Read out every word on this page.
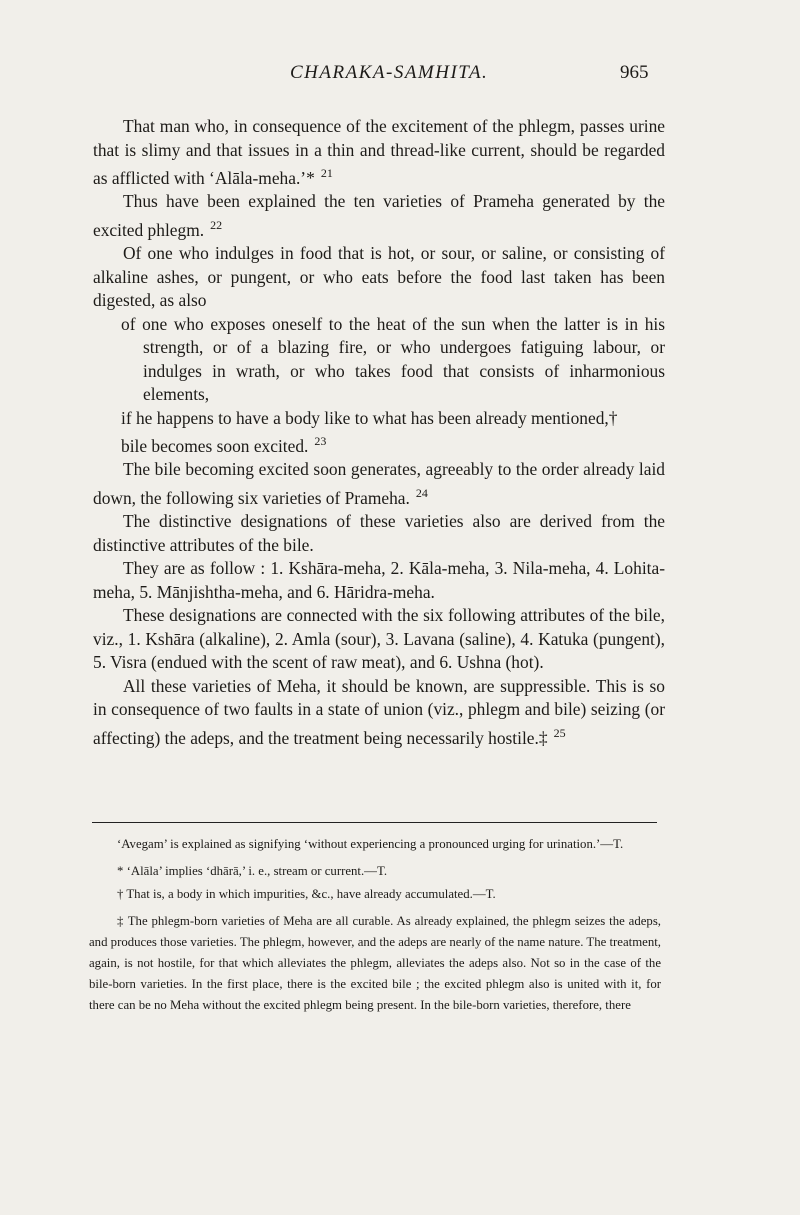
CHARAKA-SAMHITA.	965

That man who, in consequence of the excitement of the phlegm, passes urine that is slimy and that issues in a thin and thread-like current, should be regarded as afflicted with ‘Alāla-meha.’* $^{21}$

Thus have been explained the ten varieties of Prameha generated by the excited phlegm. $^{22}$

Of one who indulges in food that is hot, or sour, or saline, or consisting of alkaline ashes, or pungent, or who eats before the food last taken has been digested, as also

of one who exposes oneself to the heat of the sun when the latter is in his strength, or of a blazing fire, or who undergoes fatiguing labour, or indulges in wrath, or who takes food that consists of inharmonious elements,

if he happens to have a body like to what has been already mentioned,†

bile becomes soon excited. $^{23}$

The bile becoming excited soon generates, agreeably to the order already laid down, the following six varieties of Prameha. $^{24}$

The distinctive designations of these varieties also are derived from the distinctive attributes of the bile.

They are as follow : 1. Kshāra-meha, 2. Kāla-meha, 3. Nila-meha, 4. Lohita-meha, 5. Mānjishtha-meha, and 6. Hāridra-meha.

These designations are connected with the six following attributes of the bile, viz., 1. Kshāra (alkaline), 2. Amla (sour), 3. Lavana (saline), 4. Katuka (pungent), 5. Visra (endued with the scent of raw meat), and 6. Ushna (hot).

All these varieties of Meha, it should be known, are suppressible. This is so in consequence of two faults in a state of union (viz., phlegm and bile) seizing (or affecting) the adeps, and the treatment being necessarily hostile.‡ $^{25}$

‘Avegam’ is explained as signifying ‘without experiencing a pronounced urging for urination.’—T.

* ‘Alāla’ implies ‘dhārā,’ i. e., stream or current.—T.

† That is, a body in which impurities, &c., have already accumulated.—T.

‡ The phlegm-born varieties of Meha are all curable. As already explained, the phlegm seizes the adeps, and produces those varieties. The phlegm, however, and the adeps are nearly of the name nature. The treatment, again, is not hostile, for that which alleviates the phlegm, alleviates the adeps also. Not so in the case of the bile-born varieties. In the first place, there is the excited bile ; the excited phlegm also is united with it, for there can be no Meha without the excited phlegm being present. In the bile-born varieties, therefore, there
